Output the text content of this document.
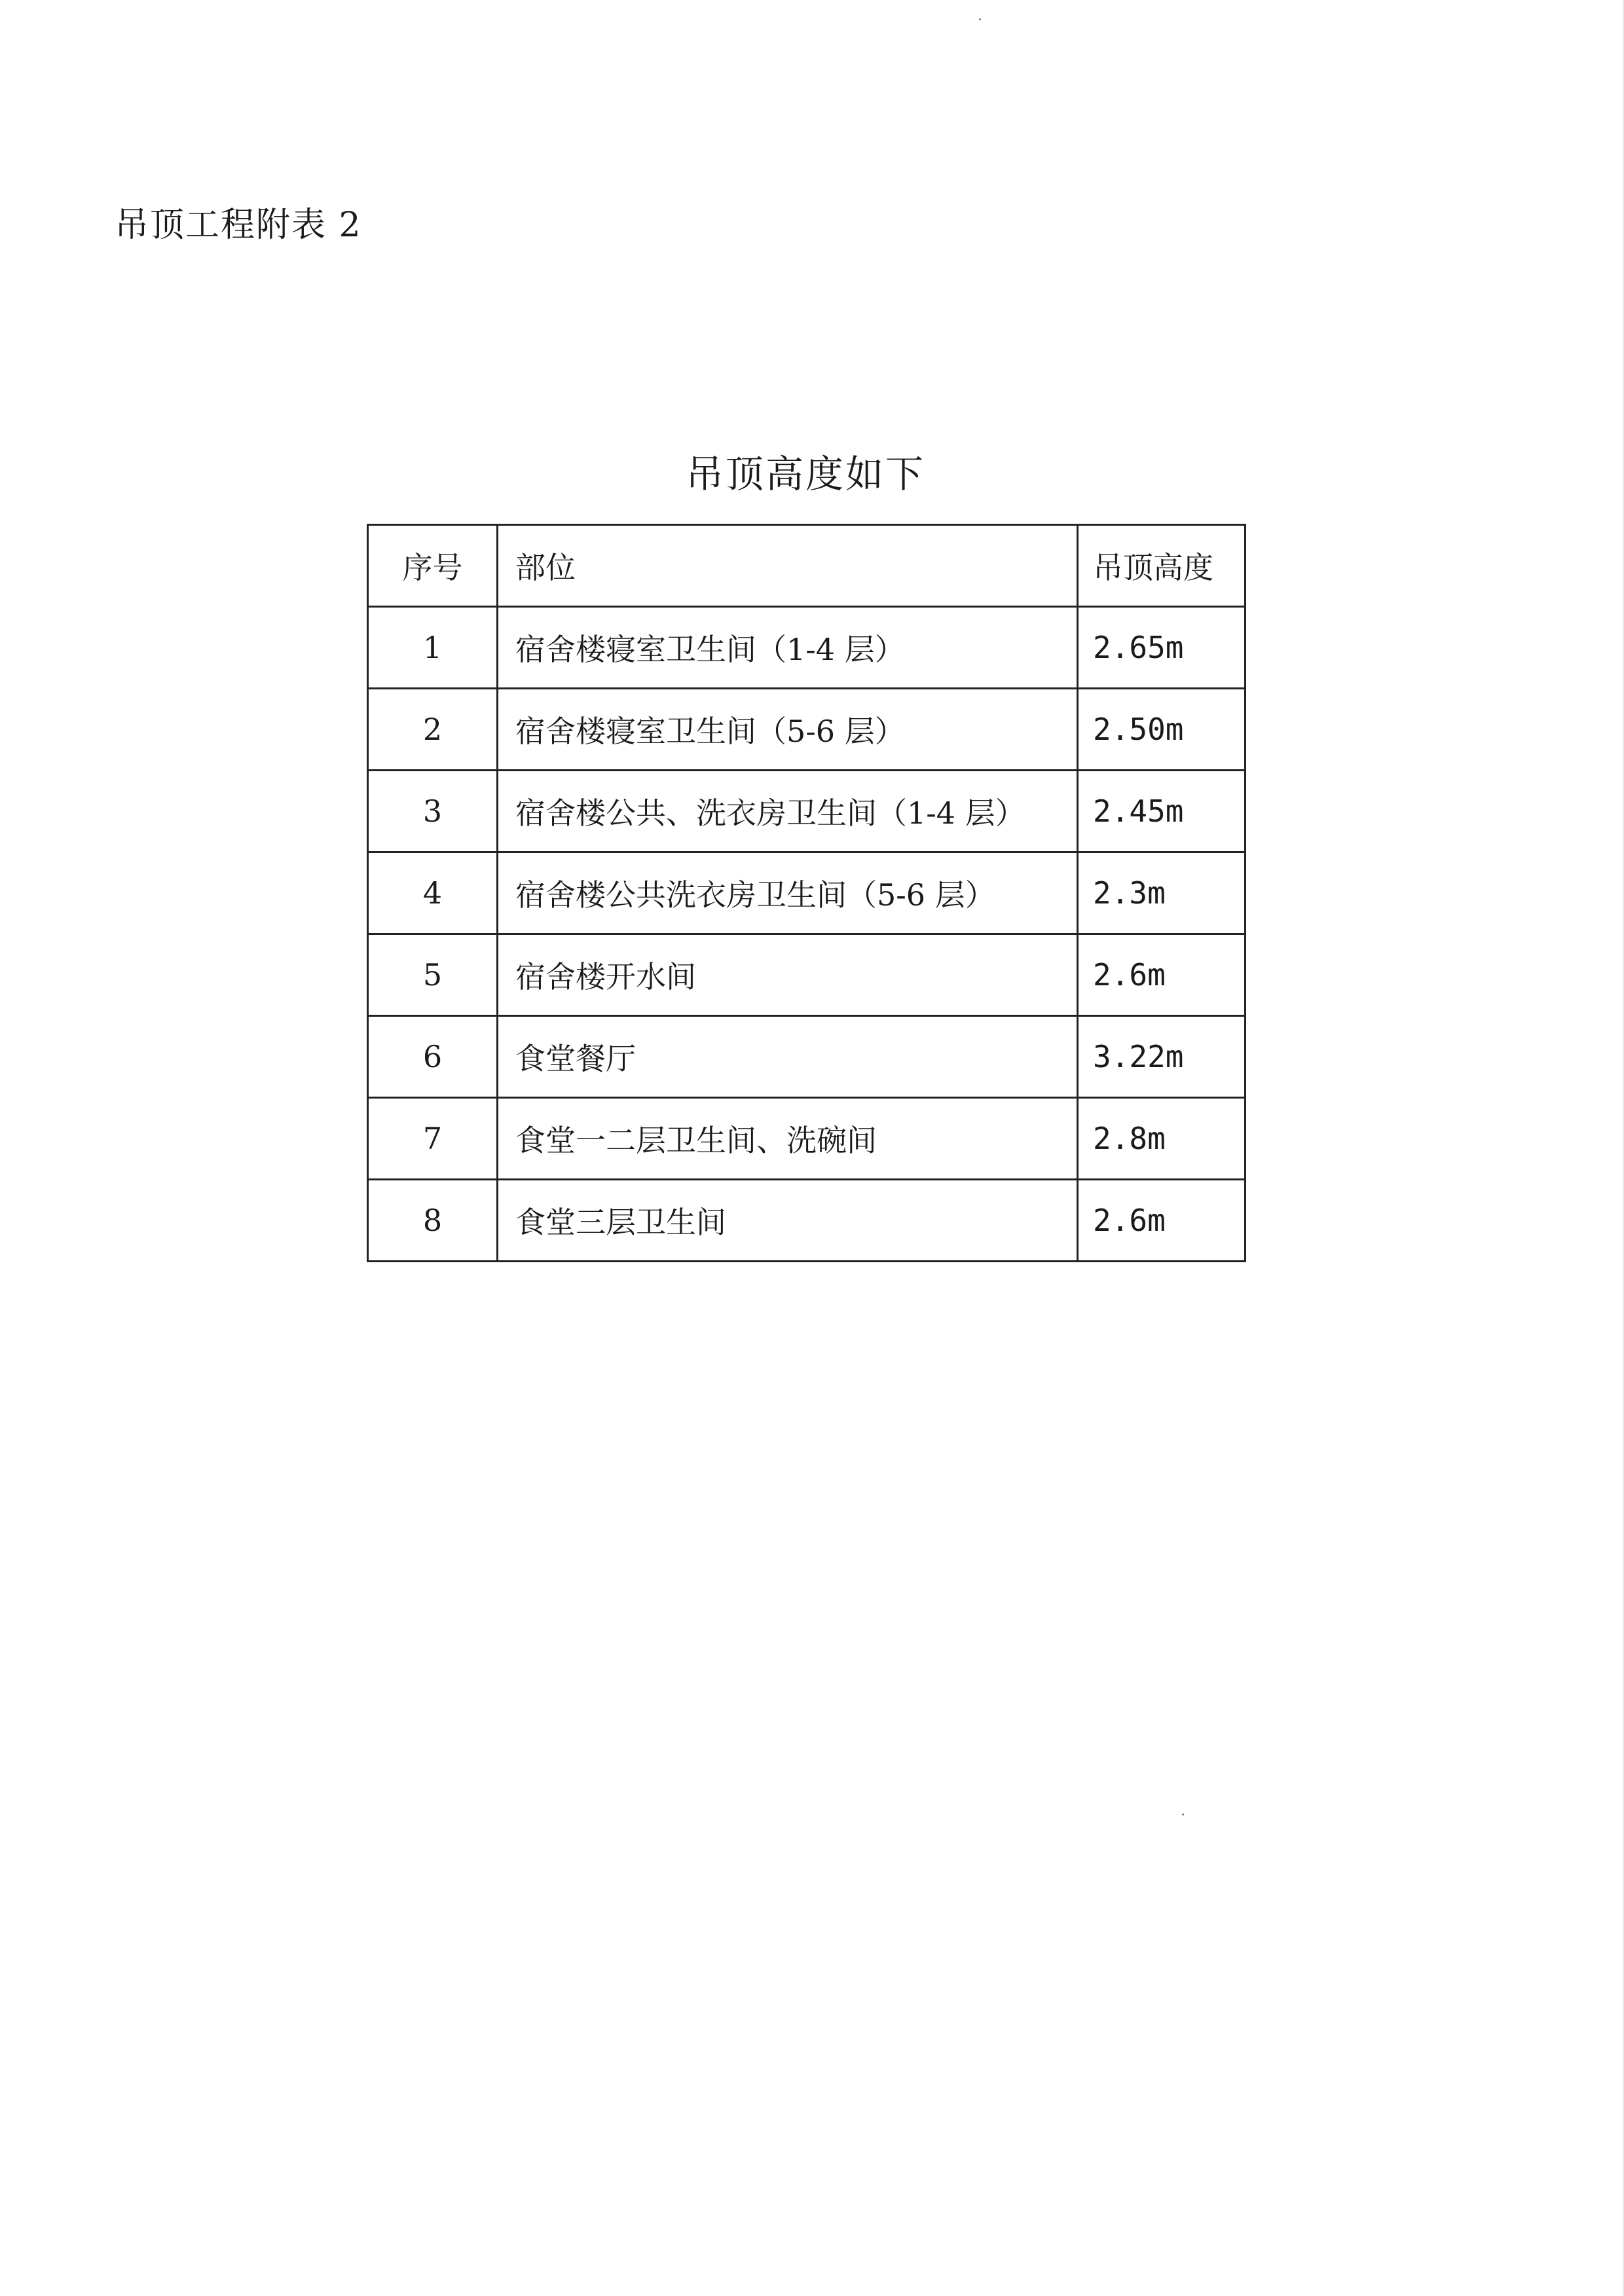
吊顶工程附表 2
吊顶高度如下
序号	部位	吊顶高度
1	宿舍楼寝室卫生间（1-4 层）	2.65m
2	宿舍楼寝室卫生间（5-6 层）	2.50m
3	宿舍楼公共、洗衣房卫生间（1-4 层）	2.45m
4	宿舍楼公共洗衣房卫生间（5-6 层）	2.3m
5	宿舍楼开水间	2.6m
6	食堂餐厅	3.22m
7	食堂一二层卫生间、洗碗间	2.8m
8	食堂三层卫生间	2.6m
